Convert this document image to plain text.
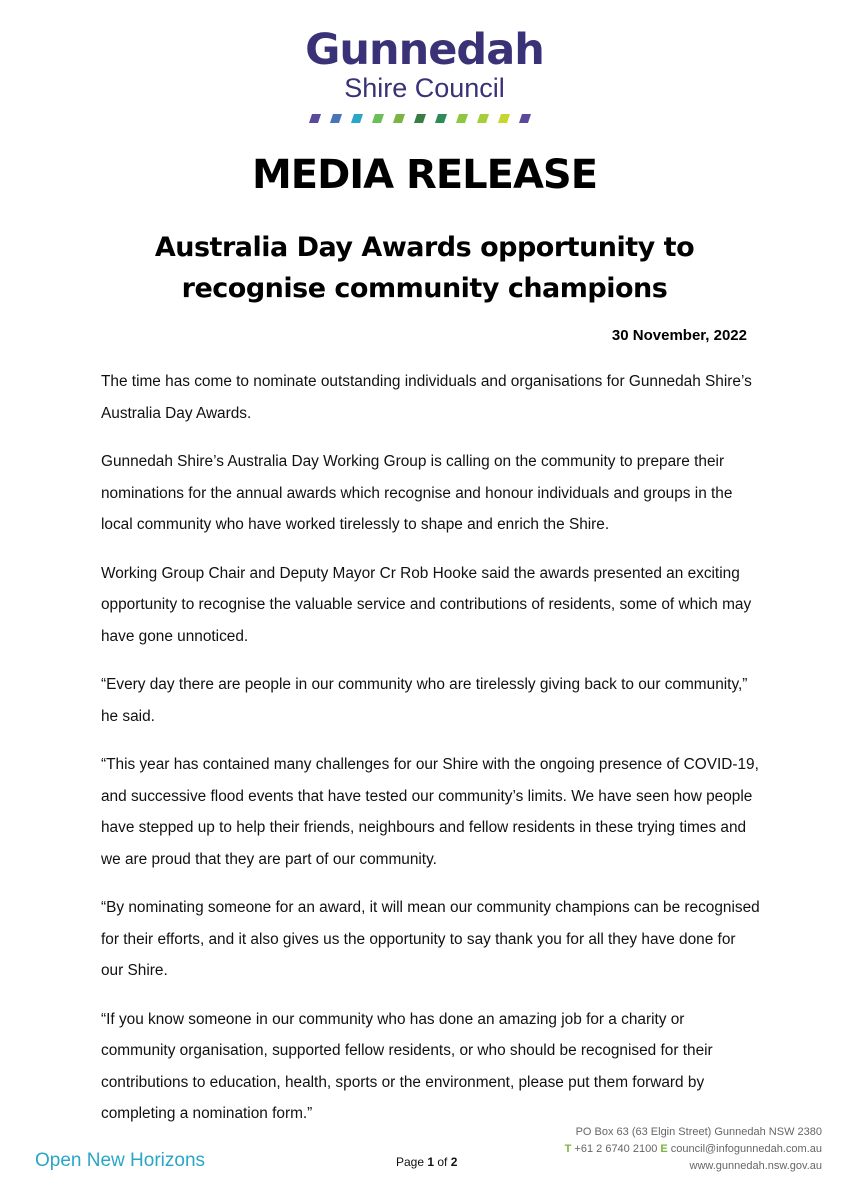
Gunnedah
Shire Council
MEDIA RELEASE
Australia Day Awards opportunity to
recognise community champions
30 November, 2022

The time has come to nominate outstanding individuals and organisations for Gunnedah Shire’s Australia Day Awards.

Gunnedah Shire’s Australia Day Working Group is calling on the community to prepare their nominations for the annual awards which recognise and honour individuals and groups in the local community who have worked tirelessly to shape and enrich the Shire.

Working Group Chair and Deputy Mayor Cr Rob Hooke said the awards presented an exciting opportunity to recognise the valuable service and contributions of residents, some of which may have gone unnoticed.

“Every day there are people in our community who are tirelessly giving back to our community,” he said.

“This year has contained many challenges for our Shire with the ongoing presence of COVID-19, and successive flood events that have tested our community’s limits. We have seen how people have stepped up to help their friends, neighbours and fellow residents in these trying times and we are proud that they are part of our community.

“By nominating someone for an award, it will mean our community champions can be recognised for their efforts, and it also gives us the opportunity to say thank you for all they have done for our Shire.

“If you know someone in our community who has done an amazing job for a charity or community organisation, supported fellow residents, or who should be recognised for their contributions to education, health, sports or the environment, please put them forward by completing a nomination form.”

Open New Horizons	Page 1 of 2
PO Box 63 (63 Elgin Street) Gunnedah NSW 2380
T +61 2 6740 2100 E council@infogunnedah.com.au
www.gunnedah.nsw.gov.au
